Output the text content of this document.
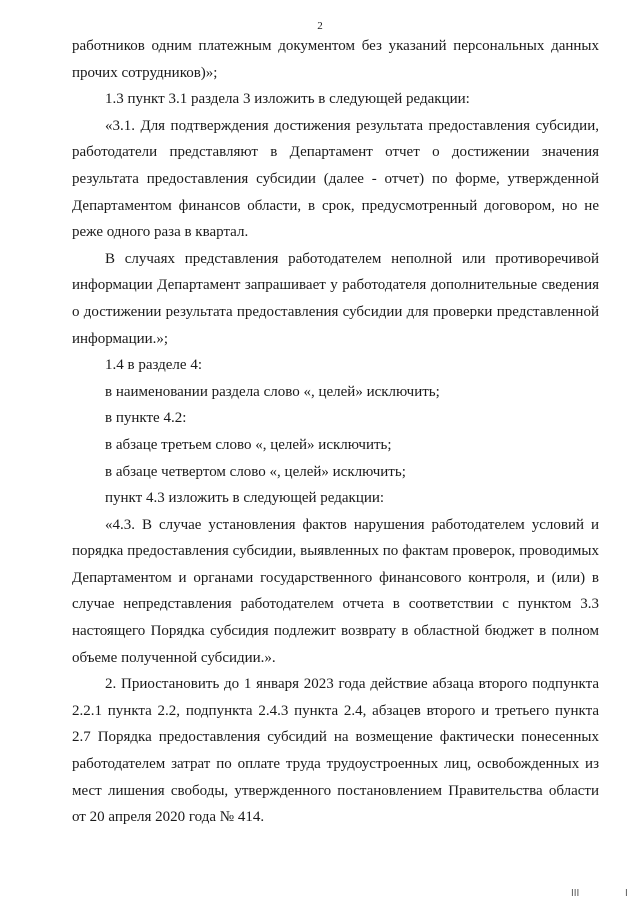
2

работников одним платежным документом без указаний персональных данных прочих сотрудников)»;

1.3 пункт 3.1 раздела 3 изложить в следующей редакции:

«3.1. Для подтверждения достижения результата предоставления субсидии, работодатели представляют в Департамент отчет о достижении значения результата предоставления субсидии (далее - отчет) по форме, утвержденной Департаментом финансов области, в срок, предусмотренный договором, но не реже одного раза в квартал.

В случаях представления работодателем неполной или противоречивой информации Департамент запрашивает у работодателя дополнительные сведения о достижении результата предоставления субсидии для проверки представленной информации.»;

1.4 в разделе 4:

в наименовании раздела слово «, целей» исключить;

в пункте 4.2:

в абзаце третьем слово «, целей» исключить;

в абзаце четвертом слово «, целей» исключить;

пункт 4.3 изложить в следующей редакции:

«4.3. В случае установления фактов нарушения работодателем условий и порядка предоставления субсидии, выявленных по фактам проверок, проводимых Департаментом и органами государственного финансового контроля, и (или) в случае непредставления работодателем отчета в соответствии с пунктом 3.3 настоящего Порядка субсидия подлежит возврату в областной бюджет в полном объеме полученной субсидии.».

2. Приостановить до 1 января 2023 года действие абзаца второго подпункта 2.2.1 пункта 2.2, подпункта 2.4.3 пункта 2.4, абзацев второго и третьего пункта 2.7 Порядка предоставления субсидий на возмещение фактически понесенных работодателем затрат по оплате труда трудоустроенных лиц, освобожденных из мест лишения свободы, утвержденного постановлением Правительства области от 20 апреля 2020 года № 414.

III	I
